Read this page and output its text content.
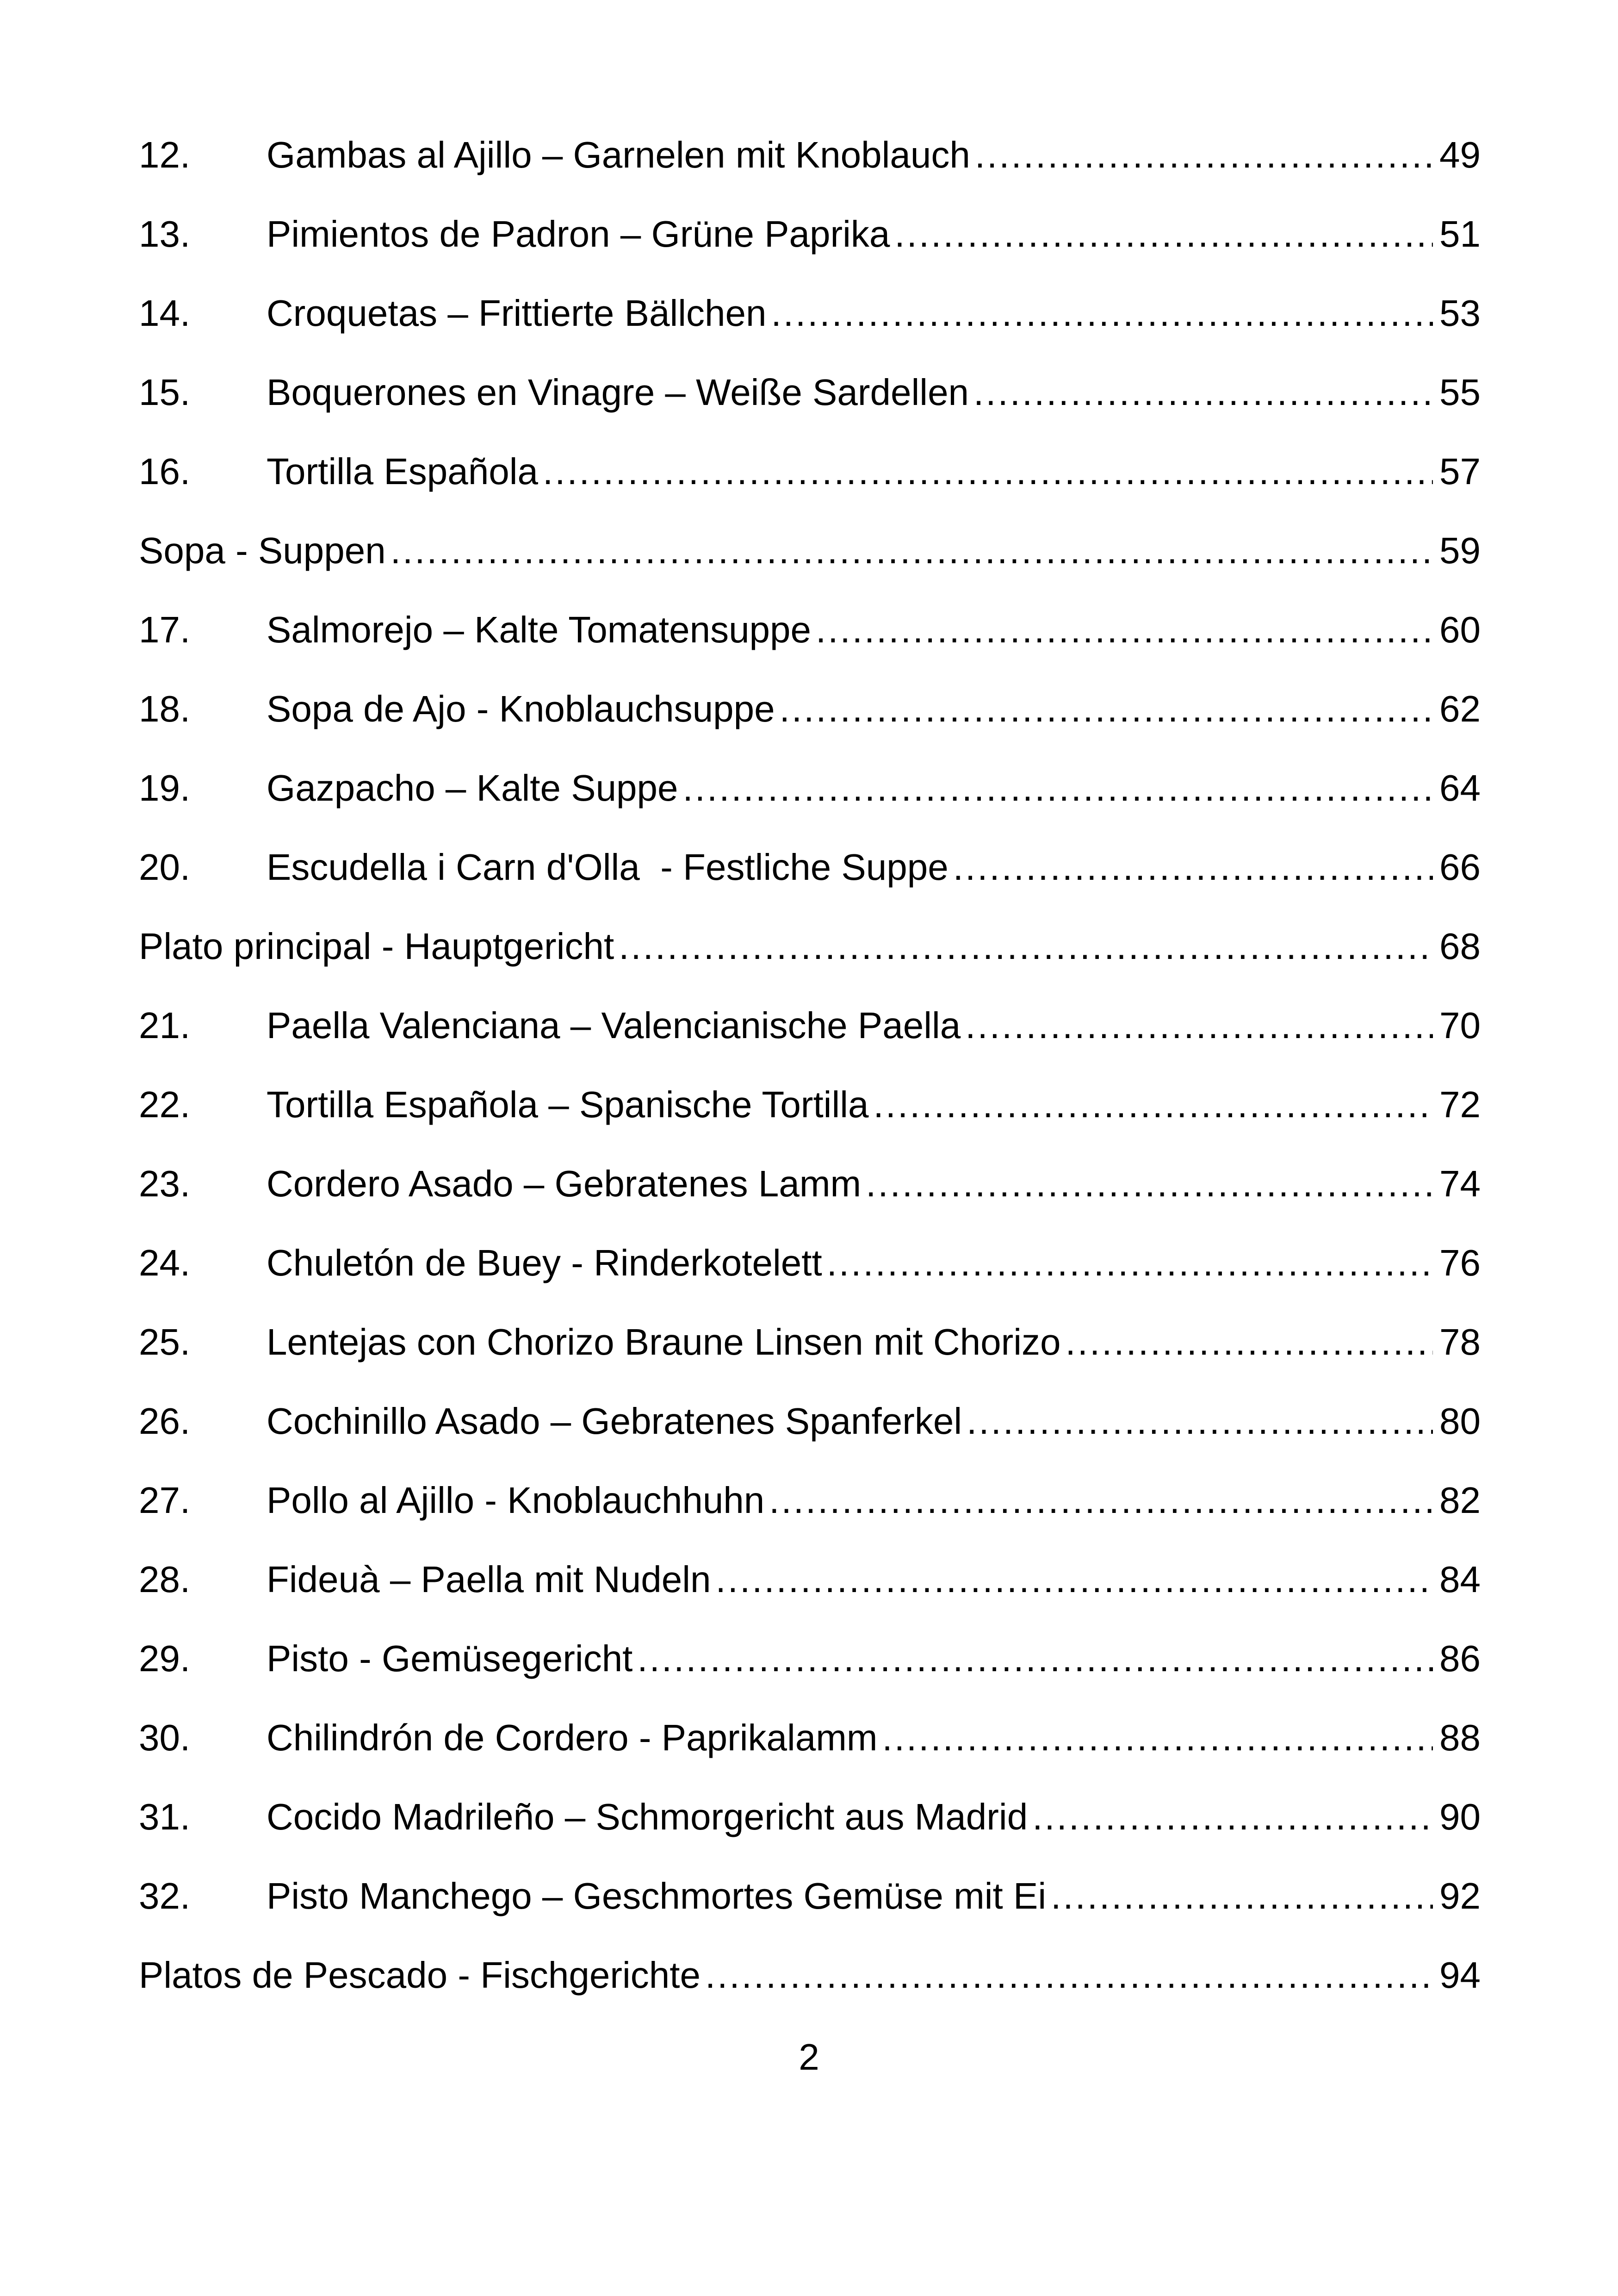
12.	Gambas al Ajillo – Garnelen mit Knoblauch .....	49
13.	Pimientos de Padron – Grüne Paprika .....	51
14.	Croquetas – Frittierte Bällchen .....	53
15.	Boquerones en Vinagre – Weiße Sardellen .....	55
16.	Tortilla Española .....	57
Sopa - Suppen .....	59
17.	Salmorejo – Kalte Tomatensuppe .....	60
18.	Sopa de Ajo - Knoblauchsuppe .....	62
19.	Gazpacho – Kalte Suppe .....	64
20.	Escudella i Carn d'Olla  - Festliche Suppe .....	66
Plato principal - Hauptgericht .....	68
21.	Paella Valenciana – Valencianische Paella .....	70
22.	Tortilla Española – Spanische Tortilla .....	72
23.	Cordero Asado – Gebratenes Lamm .....	74
24.	Chuletón de Buey - Rinderkotelett .....	76
25.	Lentejas con Chorizo Braune Linsen mit Chorizo .....	78
26.	Cochinillo Asado – Gebratenes Spanferkel .....	80
27.	Pollo al Ajillo - Knoblauchhuhn .....	82
28.	Fideuà – Paella mit Nudeln .....	84
29.	Pisto - Gemüsegericht .....	86
30.	Chilindrón de Cordero - Paprikalamm .....	88
31.	Cocido Madrileño – Schmorgericht aus Madrid .....	90
32.	Pisto Manchego – Geschmortes Gemüse mit Ei .....	92
Platos de Pescado - Fischgerichte .....	94
2
